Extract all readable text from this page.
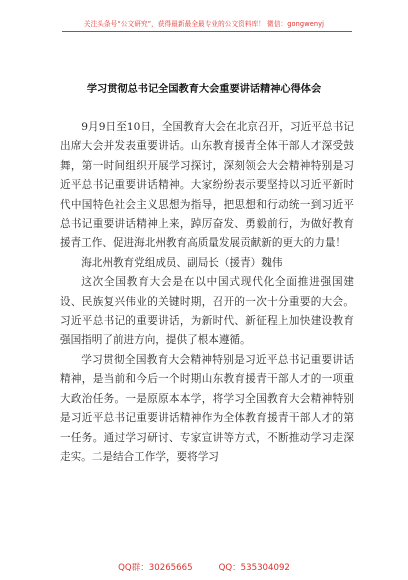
关注头条号“公文研究”，获得最新最全最专业的公文资料库！ 微信：gongwenyj
学习贯彻总书记全国教育大会重要讲话精神心得体会

9月9日至10日，全国教育大会在北京召开，习近平总书记出席大会并发表重要讲话。山东教育援青全体干部人才深受鼓舞，第一时间组织开展学习探讨，深刻领会大会精神特别是习近平总书记重要讲话精神。大家纷纷表示要坚持以习近平新时代中国特色社会主义思想为指导，把思想和行动统一到习近平总书记重要讲话精神上来，踔厉奋发、勇毅前行，为做好教育援青工作、促进海北州教育高质量发展贡献新的更大的力量！

海北州教育党组成员、副局长（援青）魏伟

这次全国教育大会是在以中国式现代化全面推进强国建设、民族复兴伟业的关键时期，召开的一次十分重要的大会。习近平总书记的重要讲话，为新时代、新征程上加快建设教育强国指明了前进方向，提供了根本遵循。

学习贯彻全国教育大会精神特别是习近平总书记重要讲话精神，是当前和今后一个时期山东教育援青干部人才的一项重大政治任务。一是原原本本学，将学习全国教育大会精神特别是习近平总书记重要讲话精神作为全体教育援青干部人才的第一任务。通过学习研讨、专家宣讲等方式，不断推动学习走深走实。二是结合工作学，要将学习

QQ群：30265665	QQ：535304092
